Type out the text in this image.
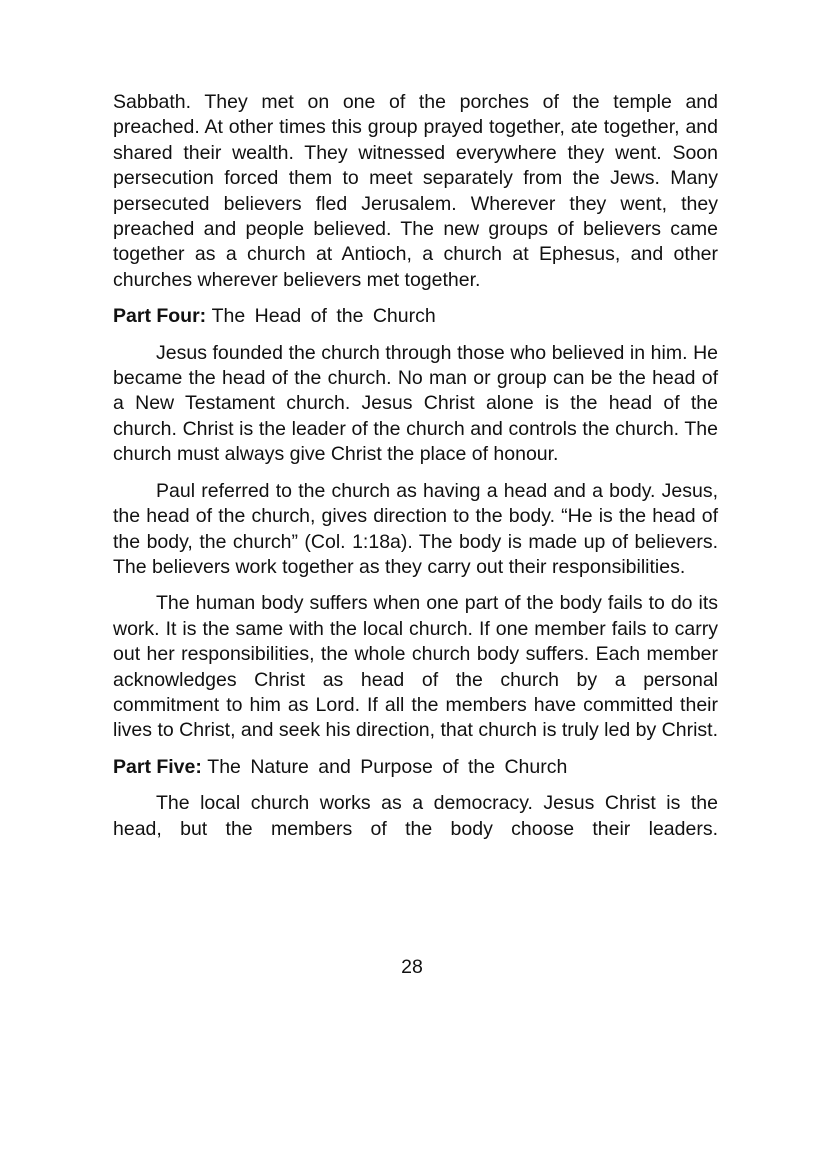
Sabbath. They met on one of the porches of the temple and preached. At other times this group prayed together, ate together, and shared their wealth. They witnessed everywhere they went. Soon persecution forced them to meet separately from the Jews. Many persecuted believers fled Jerusalem. Wherever they went, they preached and people believed. The new groups of believers came together as a church at Antioch, a church at Ephesus, and other churches wherever believers met together.

Part Four: The Head of the Church

Jesus founded the church through those who believed in him. He became the head of the church. No man or group can be the head of a New Testament church. Jesus Christ alone is the head of the church. Christ is the leader of the church and controls the church. The church must always give Christ the place of honour.

Paul referred to the church as having a head and a body. Jesus, the head of the church, gives direction to the body. “He is the head of the body, the church” (Col. 1:18a). The body is made up of believers. The believers work together as they carry out their responsibilities.

The human body suffers when one part of the body fails to do its work. It is the same with the local church. If one member fails to carry out her responsibilities, the whole church body suffers. Each member acknowledges Christ as head of the church by a personal commitment to him as Lord. If all the members have committed their lives to Christ, and seek his direction, that church is truly led by Christ.

Part Five: The Nature and Purpose of the Church

The local church works as a democracy. Jesus Christ is the head, but the members of the body choose their leaders.

28
